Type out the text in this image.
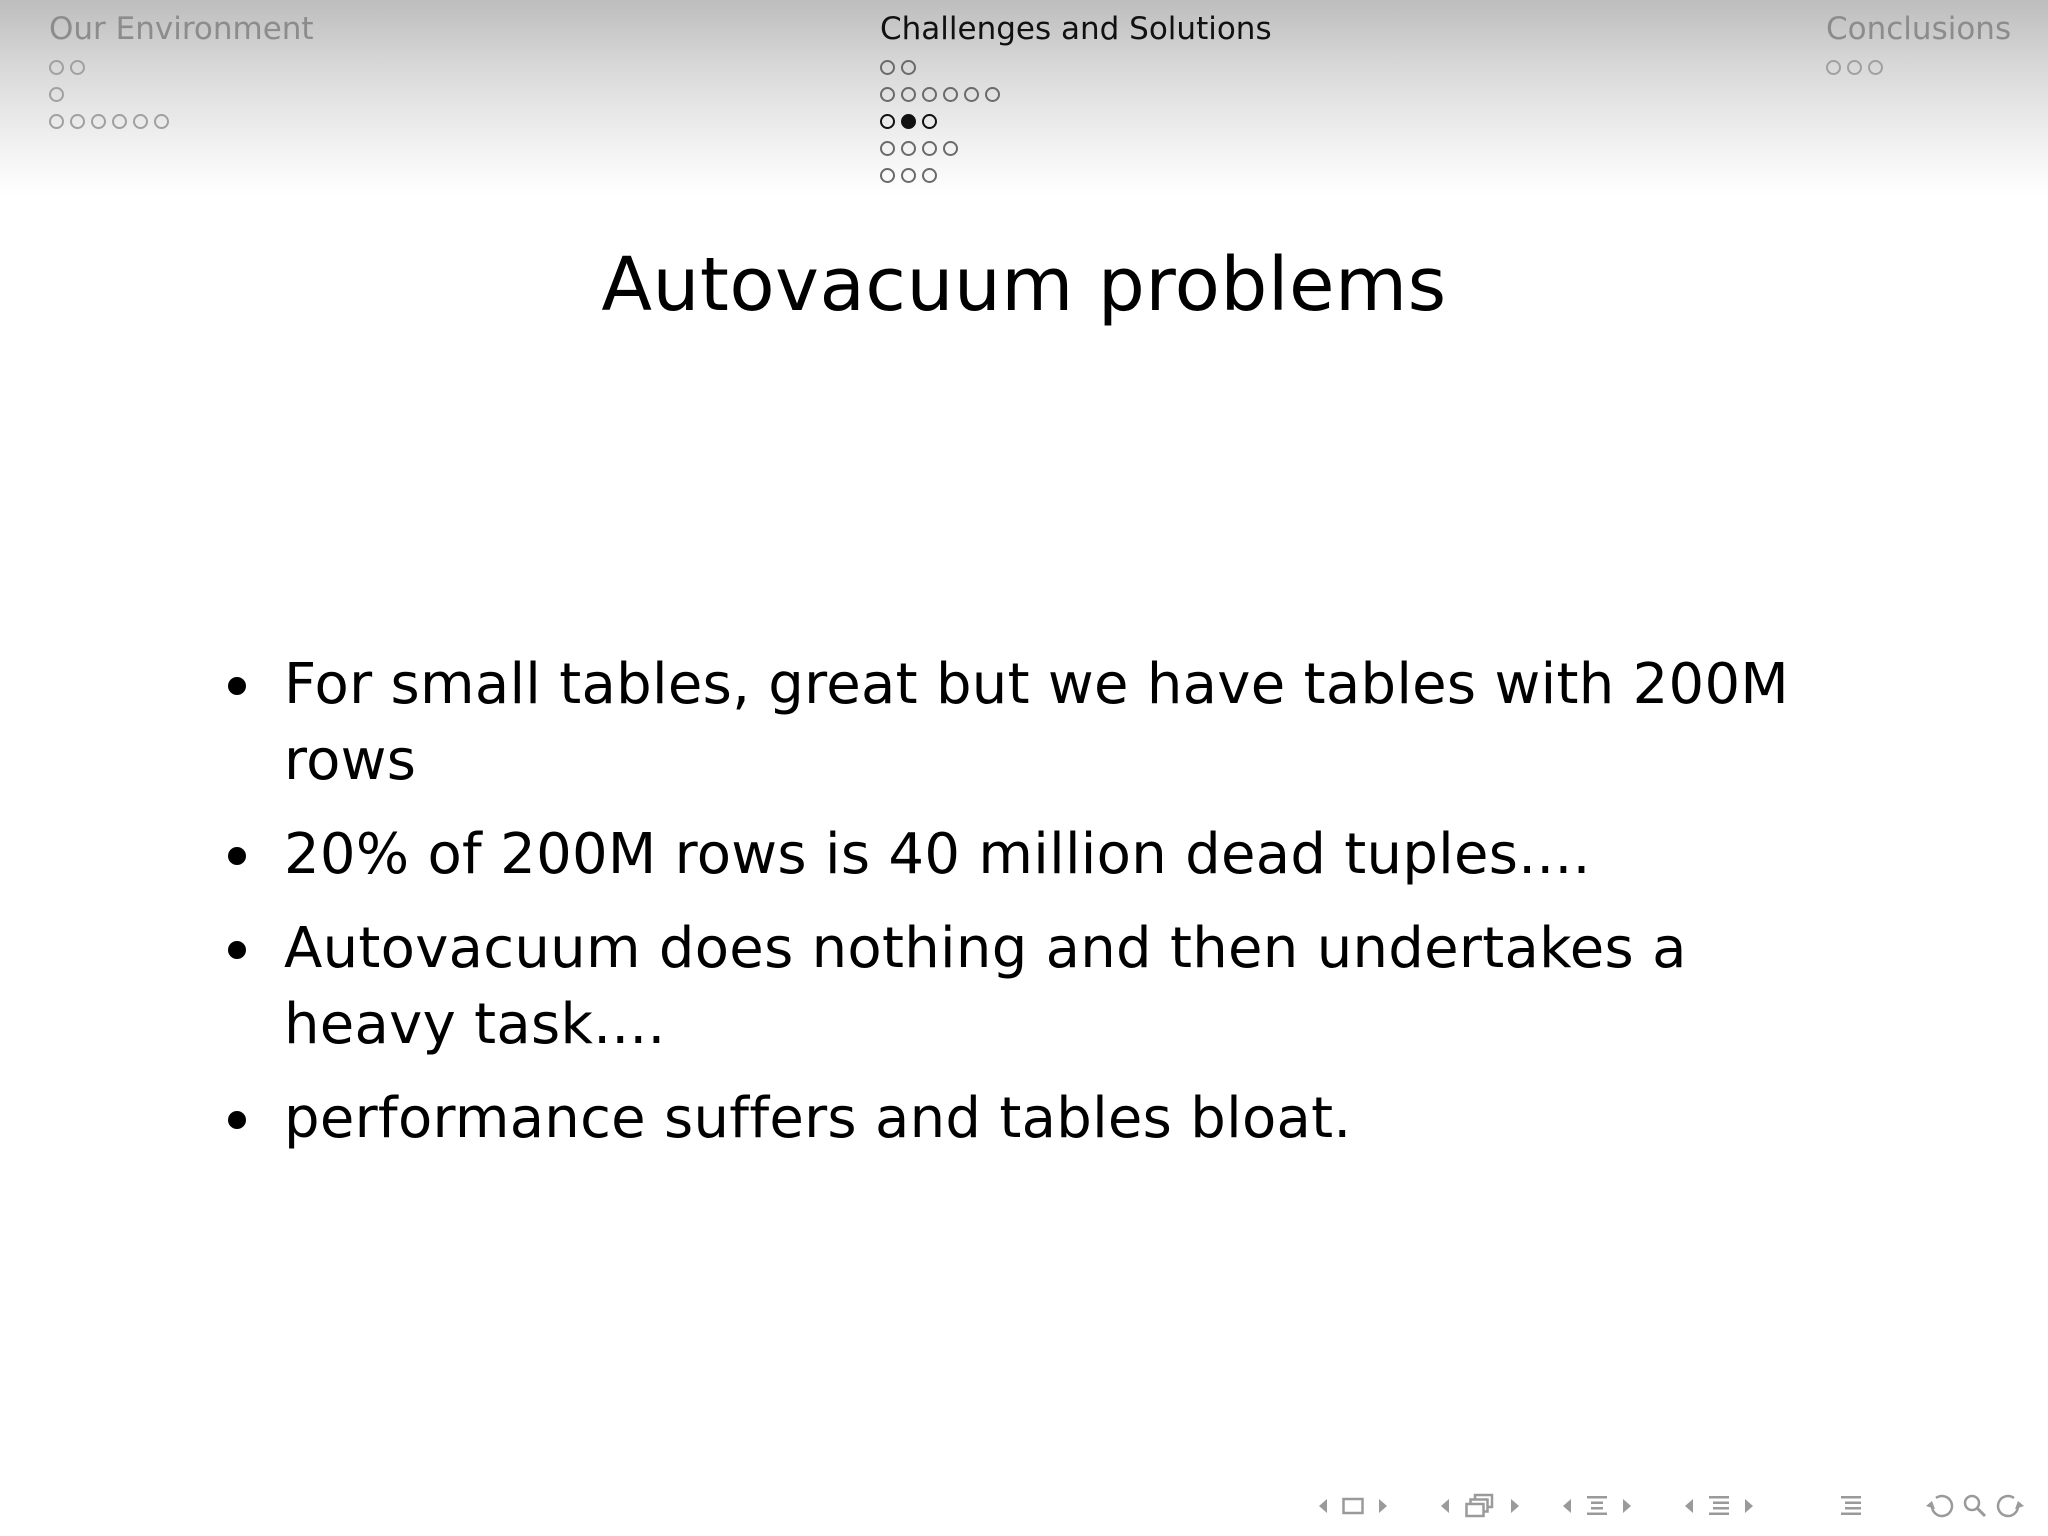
Our Environment	Challenges and Solutions	Conclusions
Autovacuum problems
For small tables, great but we have tables with 200M rows
20% of 200M rows is 40 million dead tuples....
Autovacuum does nothing and then undertakes a heavy task....
performance suffers and tables bloat.
